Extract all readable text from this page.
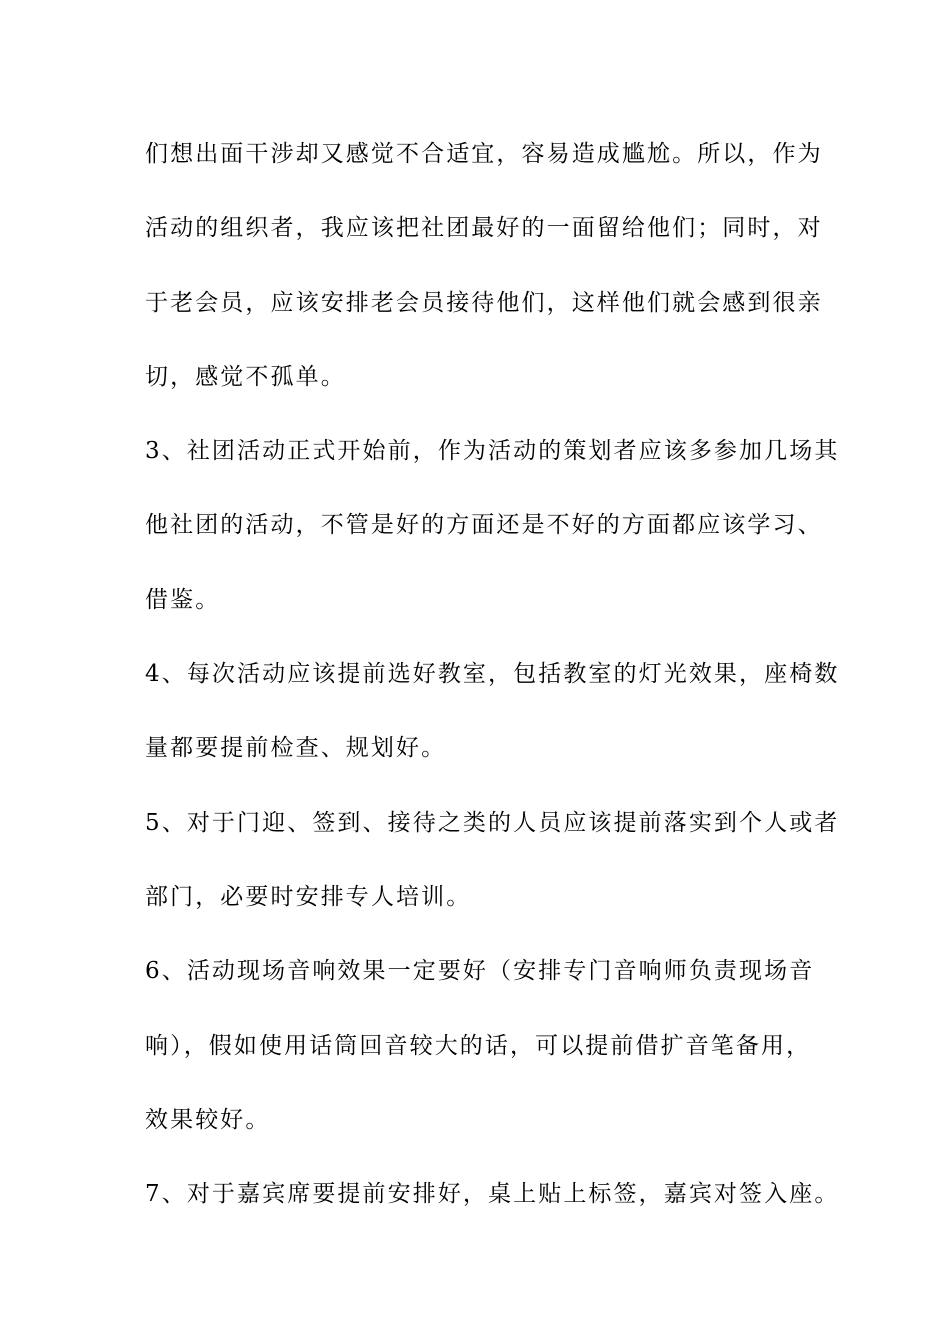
们想出面干涉却又感觉不合适宜，容易造成尴尬。所以，作为
活动的组织者，我应该把社团最好的一面留给他们；同时，对
于老会员，应该安排老会员接待他们，这样他们就会感到很亲
切，感觉不孤单。
3、社团活动正式开始前，作为活动的策划者应该多参加几场其
他社团的活动，不管是好的方面还是不好的方面都应该学习、
借鉴。
4、每次活动应该提前选好教室，包括教室的灯光效果，座椅数
量都要提前检查、规划好。
5、对于门迎、签到、接待之类的人员应该提前落实到个人或者
部门，必要时安排专人培训。
6、活动现场音响效果一定要好（安排专门音响师负责现场音
响），假如使用话筒回音较大的话，可以提前借扩音笔备用，
效果较好。
7、对于嘉宾席要提前安排好，桌上贴上标签，嘉宾对签入座。
